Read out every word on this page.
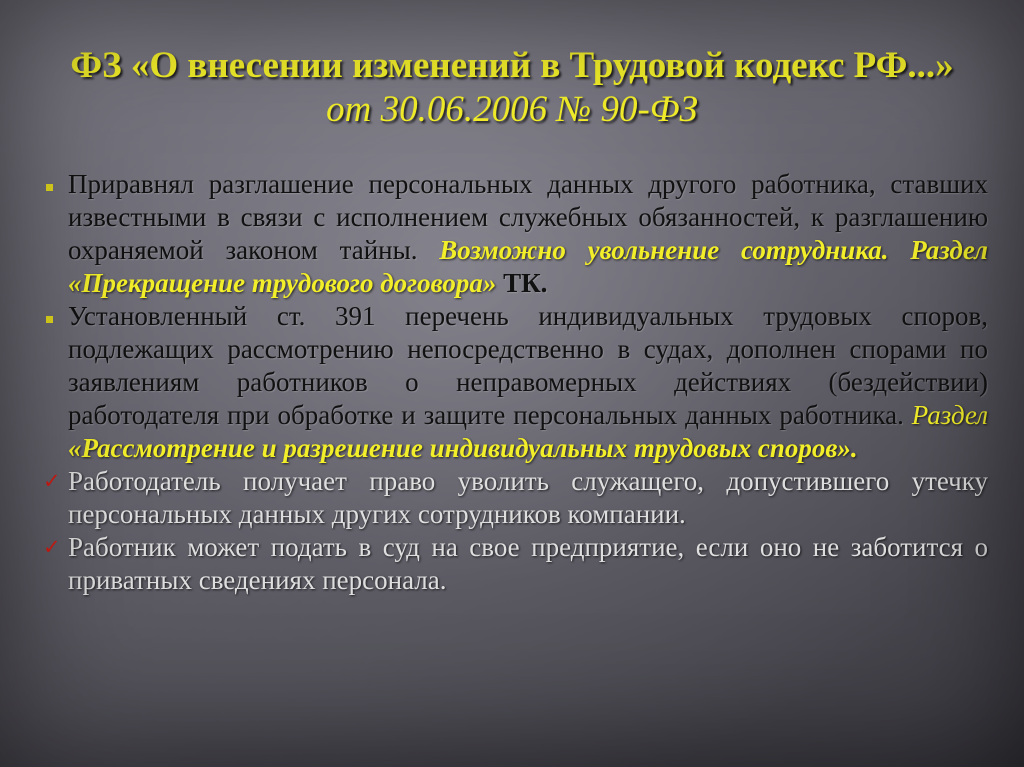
ФЗ «О внесении изменений в Трудовой кодекс РФ...» от 30.06.2006 № 90-ФЗ

Приравнял разглашение персональных данных другого работника, ставших известными в связи с исполнением служебных обязанностей, к разглашению охраняемой законом тайны. Возможно увольнение сотрудника. Раздел «Прекращение трудового договора» ТК.

Установленный ст. 391 перечень индивидуальных трудовых споров, подлежащих рассмотрению непосредственно в судах, дополнен спорами по заявлениям работников о неправомерных действиях (бездействии) работодателя при обработке и защите персональных данных работника. Раздел «Рассмотрение и разрешение индивидуальных трудовых споров».

✓ Работодатель получает право уволить служащего, допустившего утечку персональных данных других сотрудников компании.

✓ Работник может подать в суд на свое предприятие, если оно не заботится о приватных сведениях персонала.
